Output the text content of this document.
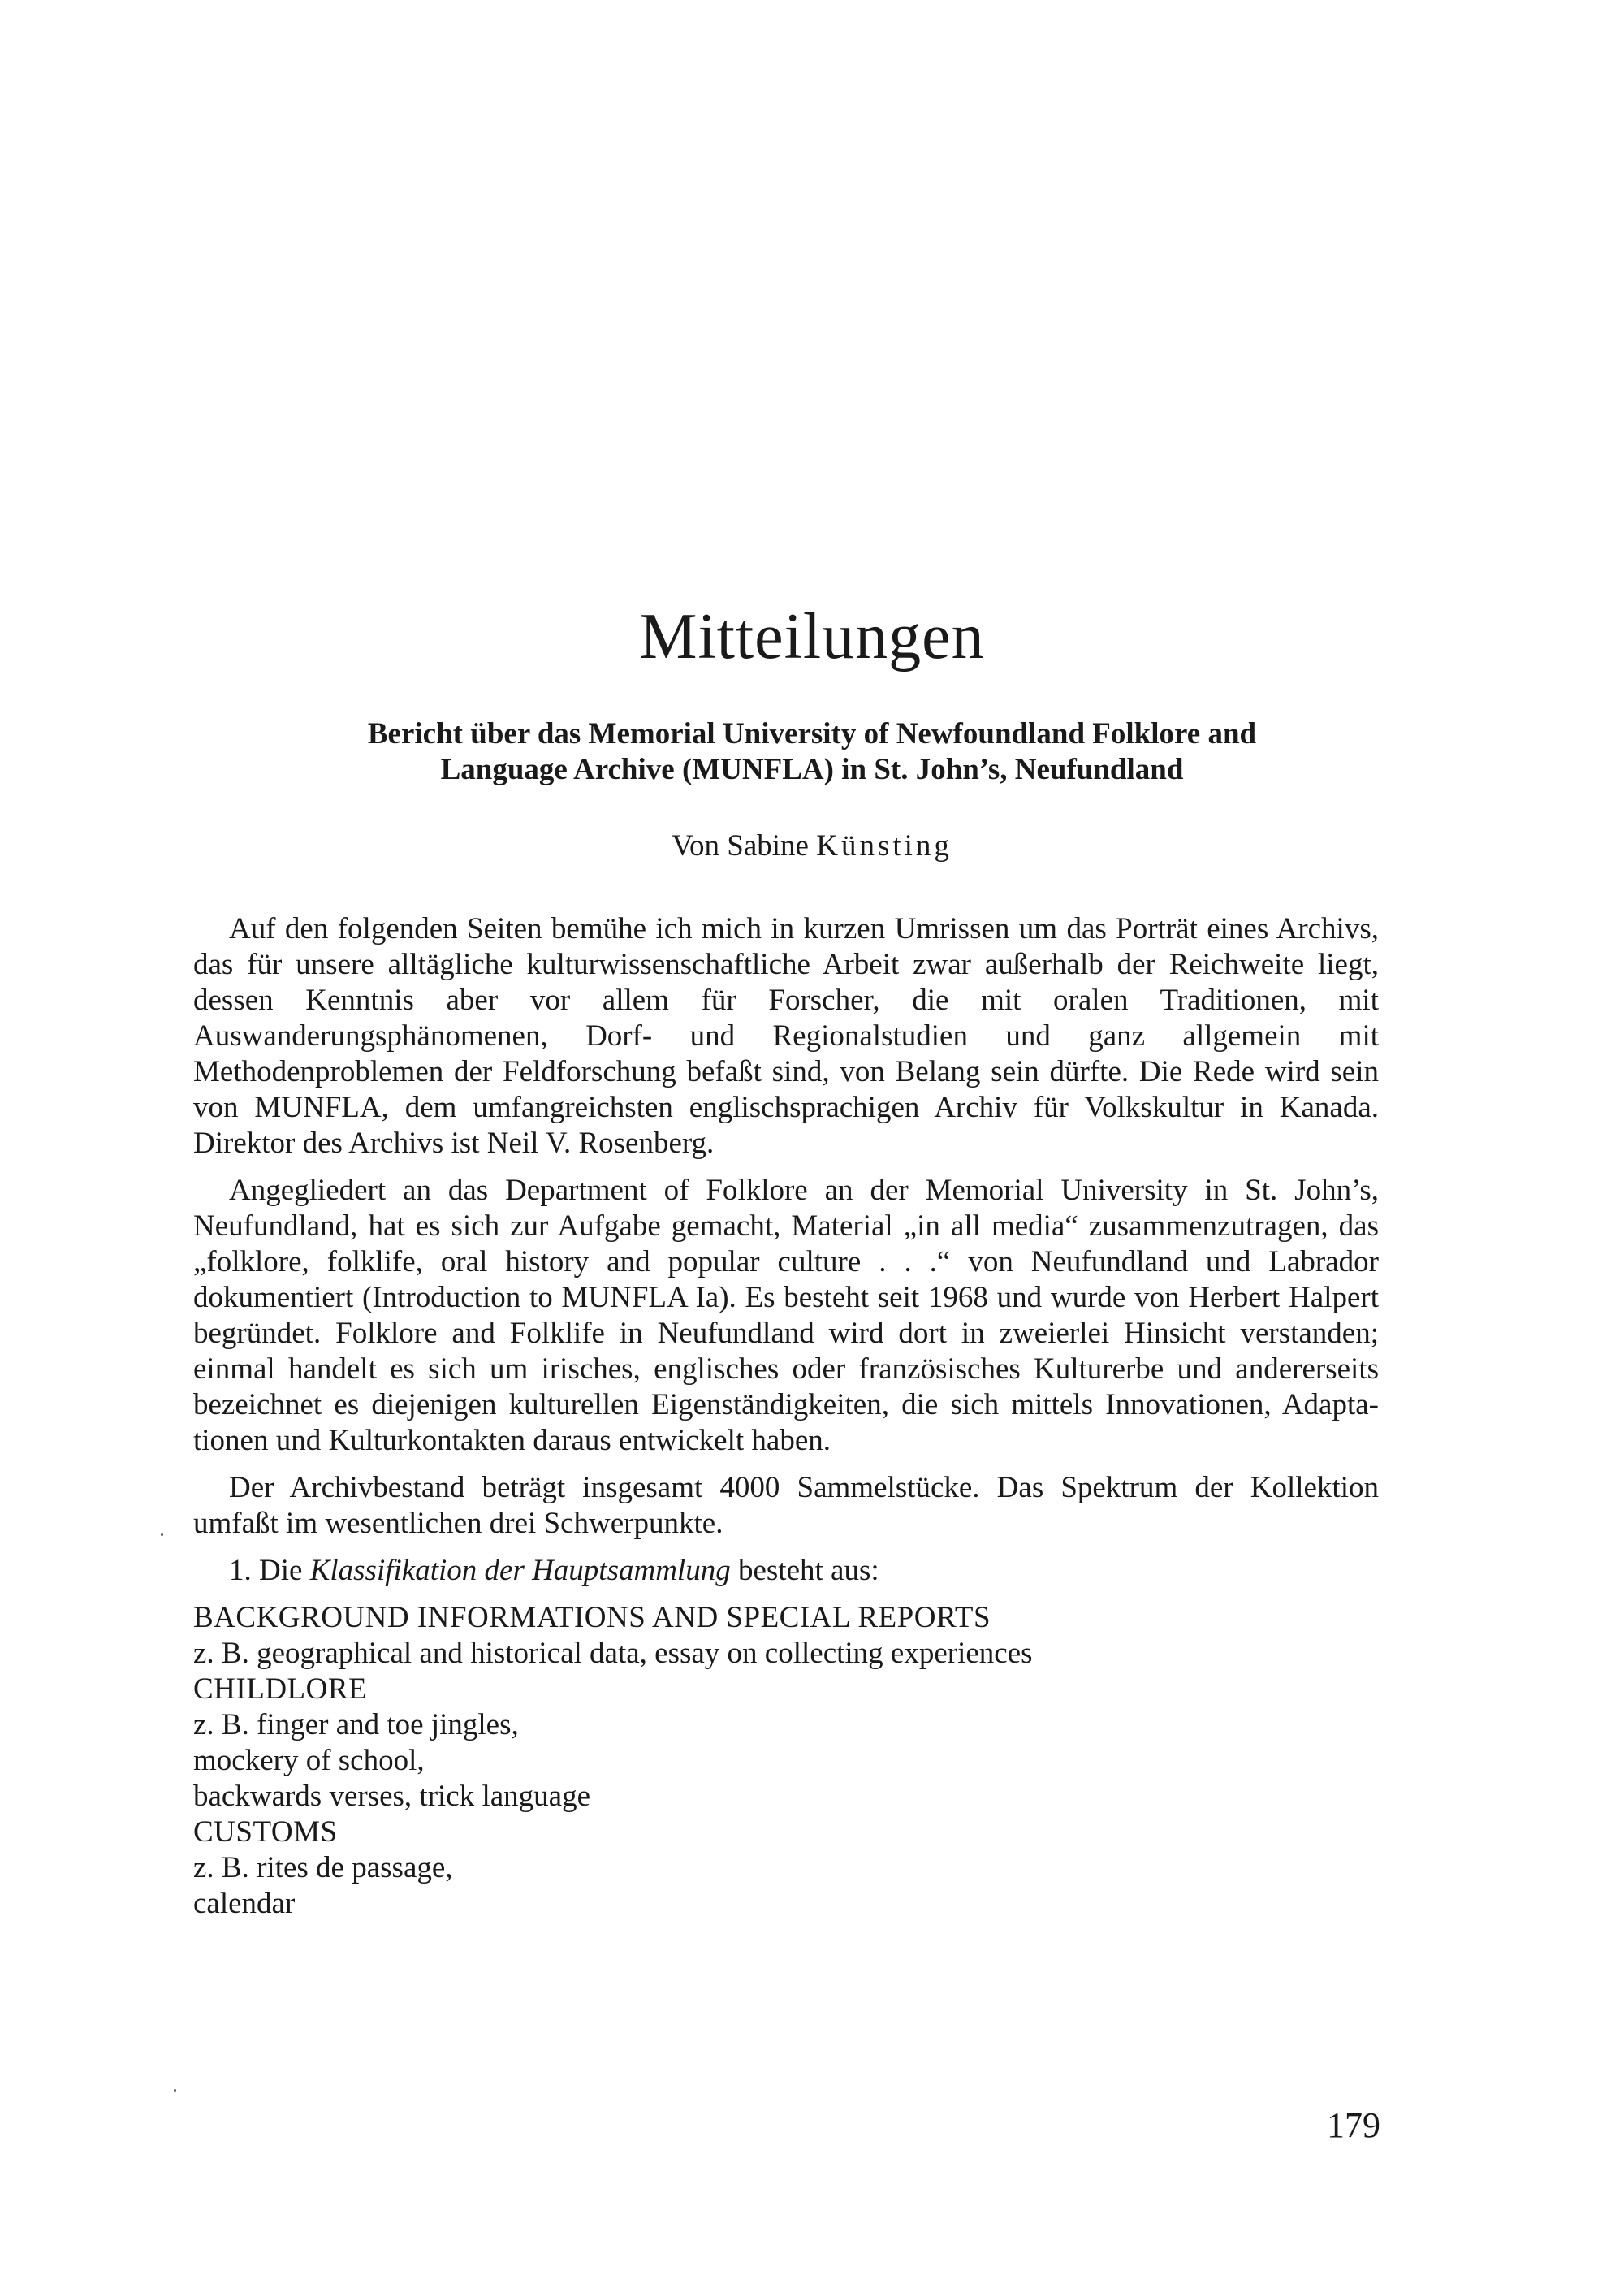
Mitteilungen
Bericht über das Memorial University of Newfoundland Folklore and
Language Archive (MUNFLA) in St. John’s, Neufundland

Von Sabine Künsting

Auf den folgenden Seiten bemühe ich mich in kurzen Umrissen um das Porträt eines Archivs, das für unsere alltägliche kulturwissenschaftliche Arbeit zwar außerhalb der Reichweite liegt, dessen Kenntnis aber vor allem für Forscher, die mit oralen Traditionen, mit Auswanderungsphänomenen, Dorf- und Regionalstudien und ganz allgemein mit Methodenproblemen der Feldforschung befaßt sind, von Belang sein dürfte. Die Rede wird sein von MUNFLA, dem umfangreichsten englischsprachigen Archiv für Volkskultur in Kanada. Direktor des Archivs ist Neil V. Rosenberg.

Angegliedert an das Department of Folklore an der Memorial University in St. John’s, Neufundland, hat es sich zur Aufgabe gemacht, Material „in all media“ zusammenzutragen, das „folklore, folklife, oral history and popular culture . . .“ von Neufundland und Labrador dokumentiert (Introduction to MUNFLA Ia). Es besteht seit 1968 und wurde von Herbert Halpert begründet. Folklore and Folklife in Neufundland wird dort in zweierlei Hinsicht verstanden; einmal handelt es sich um irisches, englisches oder französisches Kulturerbe und andererseits bezeichnet es diejenigen kulturellen Eigenständigkeiten, die sich mittels Innovationen, Adaptationen und Kulturkontakten daraus entwickelt haben.

Der Archivbestand beträgt insgesamt 4000 Sammelstücke. Das Spektrum der Kollektion umfaßt im wesentlichen drei Schwerpunkte.

1. Die Klassifikation der Hauptsammlung besteht aus:

BACKGROUND INFORMATIONS AND SPECIAL REPORTS
z. B. geographical and historical data, essay on collecting experiences
CHILDLORE
z. B. finger and toe jingles,
mockery of school,
backwards verses, trick language
CUSTOMS
z. B. rites de passage,
calendar

179
